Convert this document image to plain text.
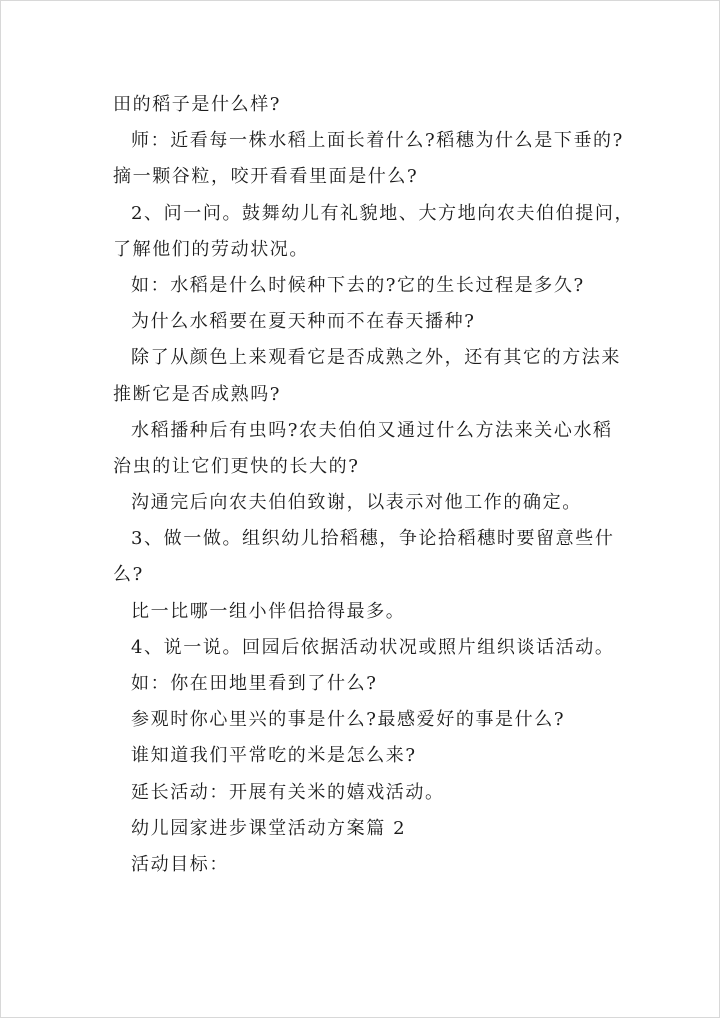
田的稻子是什么样?
师：近看每一株水稻上面长着什么?稻穗为什么是下垂的?
摘一颗谷粒，咬开看看里面是什么?
2、问一问。鼓舞幼儿有礼貌地、大方地向农夫伯伯提问，
了解他们的劳动状况。
如：水稻是什么时候种下去的?它的生长过程是多久?
为什么水稻要在夏天种而不在春天播种?
除了从颜色上来观看它是否成熟之外，还有其它的方法来
推断它是否成熟吗?
水稻播种后有虫吗?农夫伯伯又通过什么方法来关心水稻
治虫的让它们更快的长大的?
沟通完后向农夫伯伯致谢，以表示对他工作的确定。
3、做一做。组织幼儿拾稻穗，争论拾稻穗时要留意些什
么?
比一比哪一组小伴侣拾得最多。
4、说一说。回园后依据活动状况或照片组织谈话活动。
如：你在田地里看到了什么?
参观时你心里兴的事是什么?最感爱好的事是什么?
谁知道我们平常吃的米是怎么来?
延长活动：开展有关米的嬉戏活动。
幼儿园家进步课堂活动方案篇 2
活动目标：
